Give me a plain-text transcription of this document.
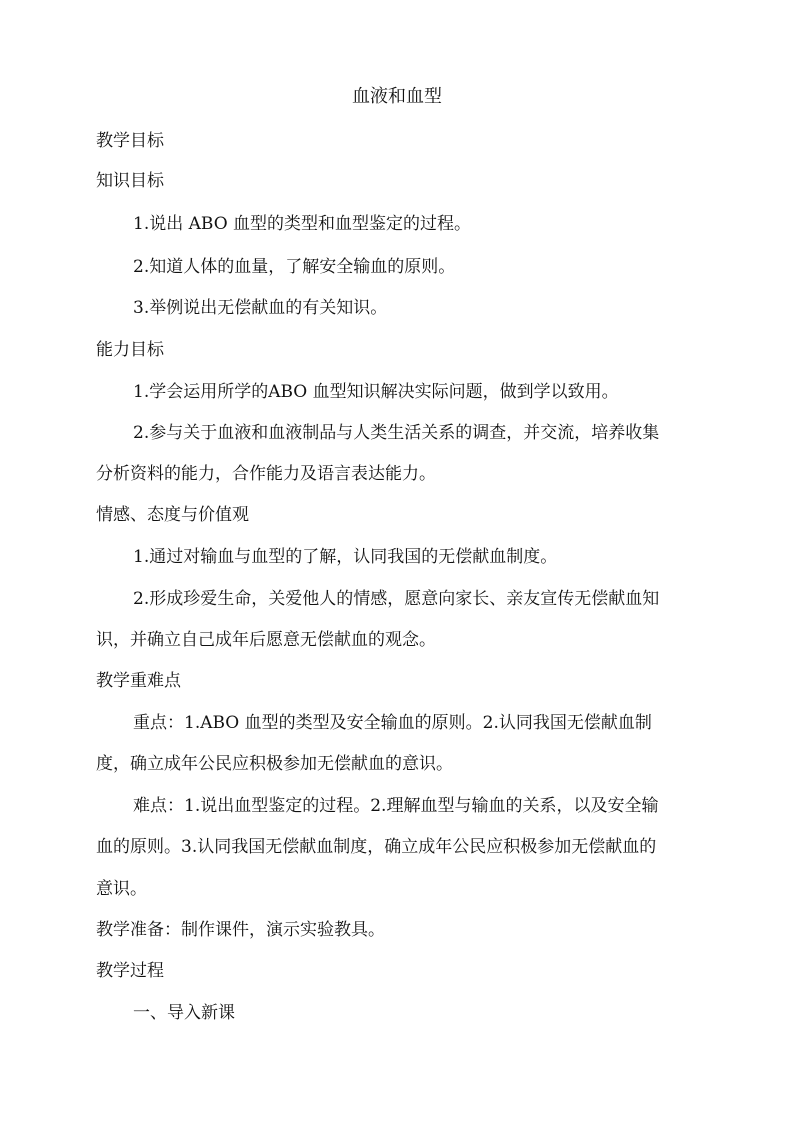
血液和血型
教学目标
知识目标
1.说出 ABO 血型的类型和血型鉴定的过程。
2.知道人体的血量，了解安全输血的原则。
3.举例说出无偿献血的有关知识。
能力目标
1.学会运用所学的ABO 血型知识解决实际问题，做到学以致用。
2.参与关于血液和血液制品与人类生活关系的调查，并交流，培养收集
分析资料的能力，合作能力及语言表达能力。
情感、态度与价值观
1.通过对输血与血型的了解，认同我国的无偿献血制度。
2.形成珍爱生命，关爱他人的情感，愿意向家长、亲友宣传无偿献血知
识，并确立自己成年后愿意无偿献血的观念。
教学重难点
重点：1.ABO 血型的类型及安全输血的原则。2.认同我国无偿献血制
度，确立成年公民应积极参加无偿献血的意识。
难点：1.说出血型鉴定的过程。2.理解血型与输血的关系，以及安全输
血的原则。3.认同我国无偿献血制度，确立成年公民应积极参加无偿献血的
意识。
教学准备：制作课件，演示实验教具。
教学过程
一、导入新课
